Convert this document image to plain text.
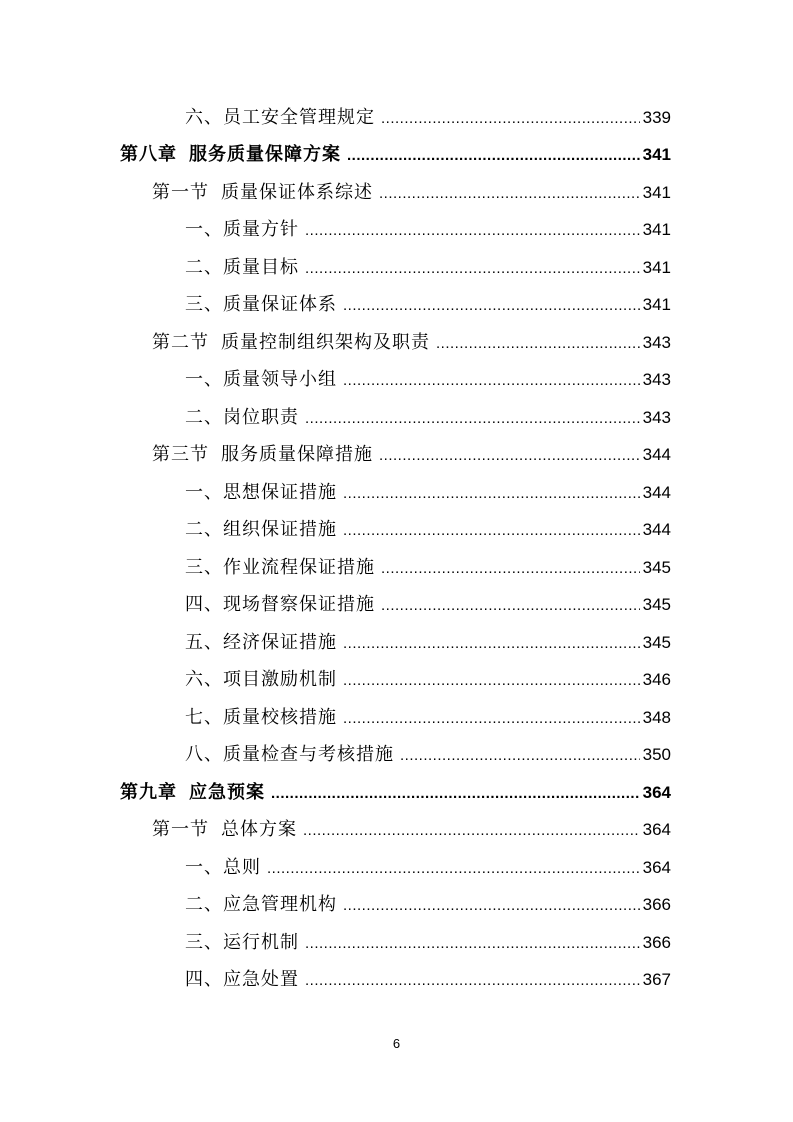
六、员工安全管理规定 .....	339
第八章 服务质量保障方案 .....	341
第一节 质量保证体系综述 .....	341
一、质量方针 .....	341
二、质量目标 .....	341
三、质量保证体系 .....	341
第二节 质量控制组织架构及职责 .....	343
一、质量领导小组 .....	343
二、岗位职责 .....	343
第三节 服务质量保障措施 .....	344
一、思想保证措施 .....	344
二、组织保证措施 .....	344
三、作业流程保证措施 .....	345
四、现场督察保证措施 .....	345
五、经济保证措施 .....	345
六、项目激励机制 .....	346
七、质量校核措施 .....	348
八、质量检查与考核措施 .....	350
第九章 应急预案 .....	364
第一节 总体方案 .....	364
一、总则 .....	364
二、应急管理机构 .....	366
三、运行机制 .....	366
四、应急处置 .....	367
6
